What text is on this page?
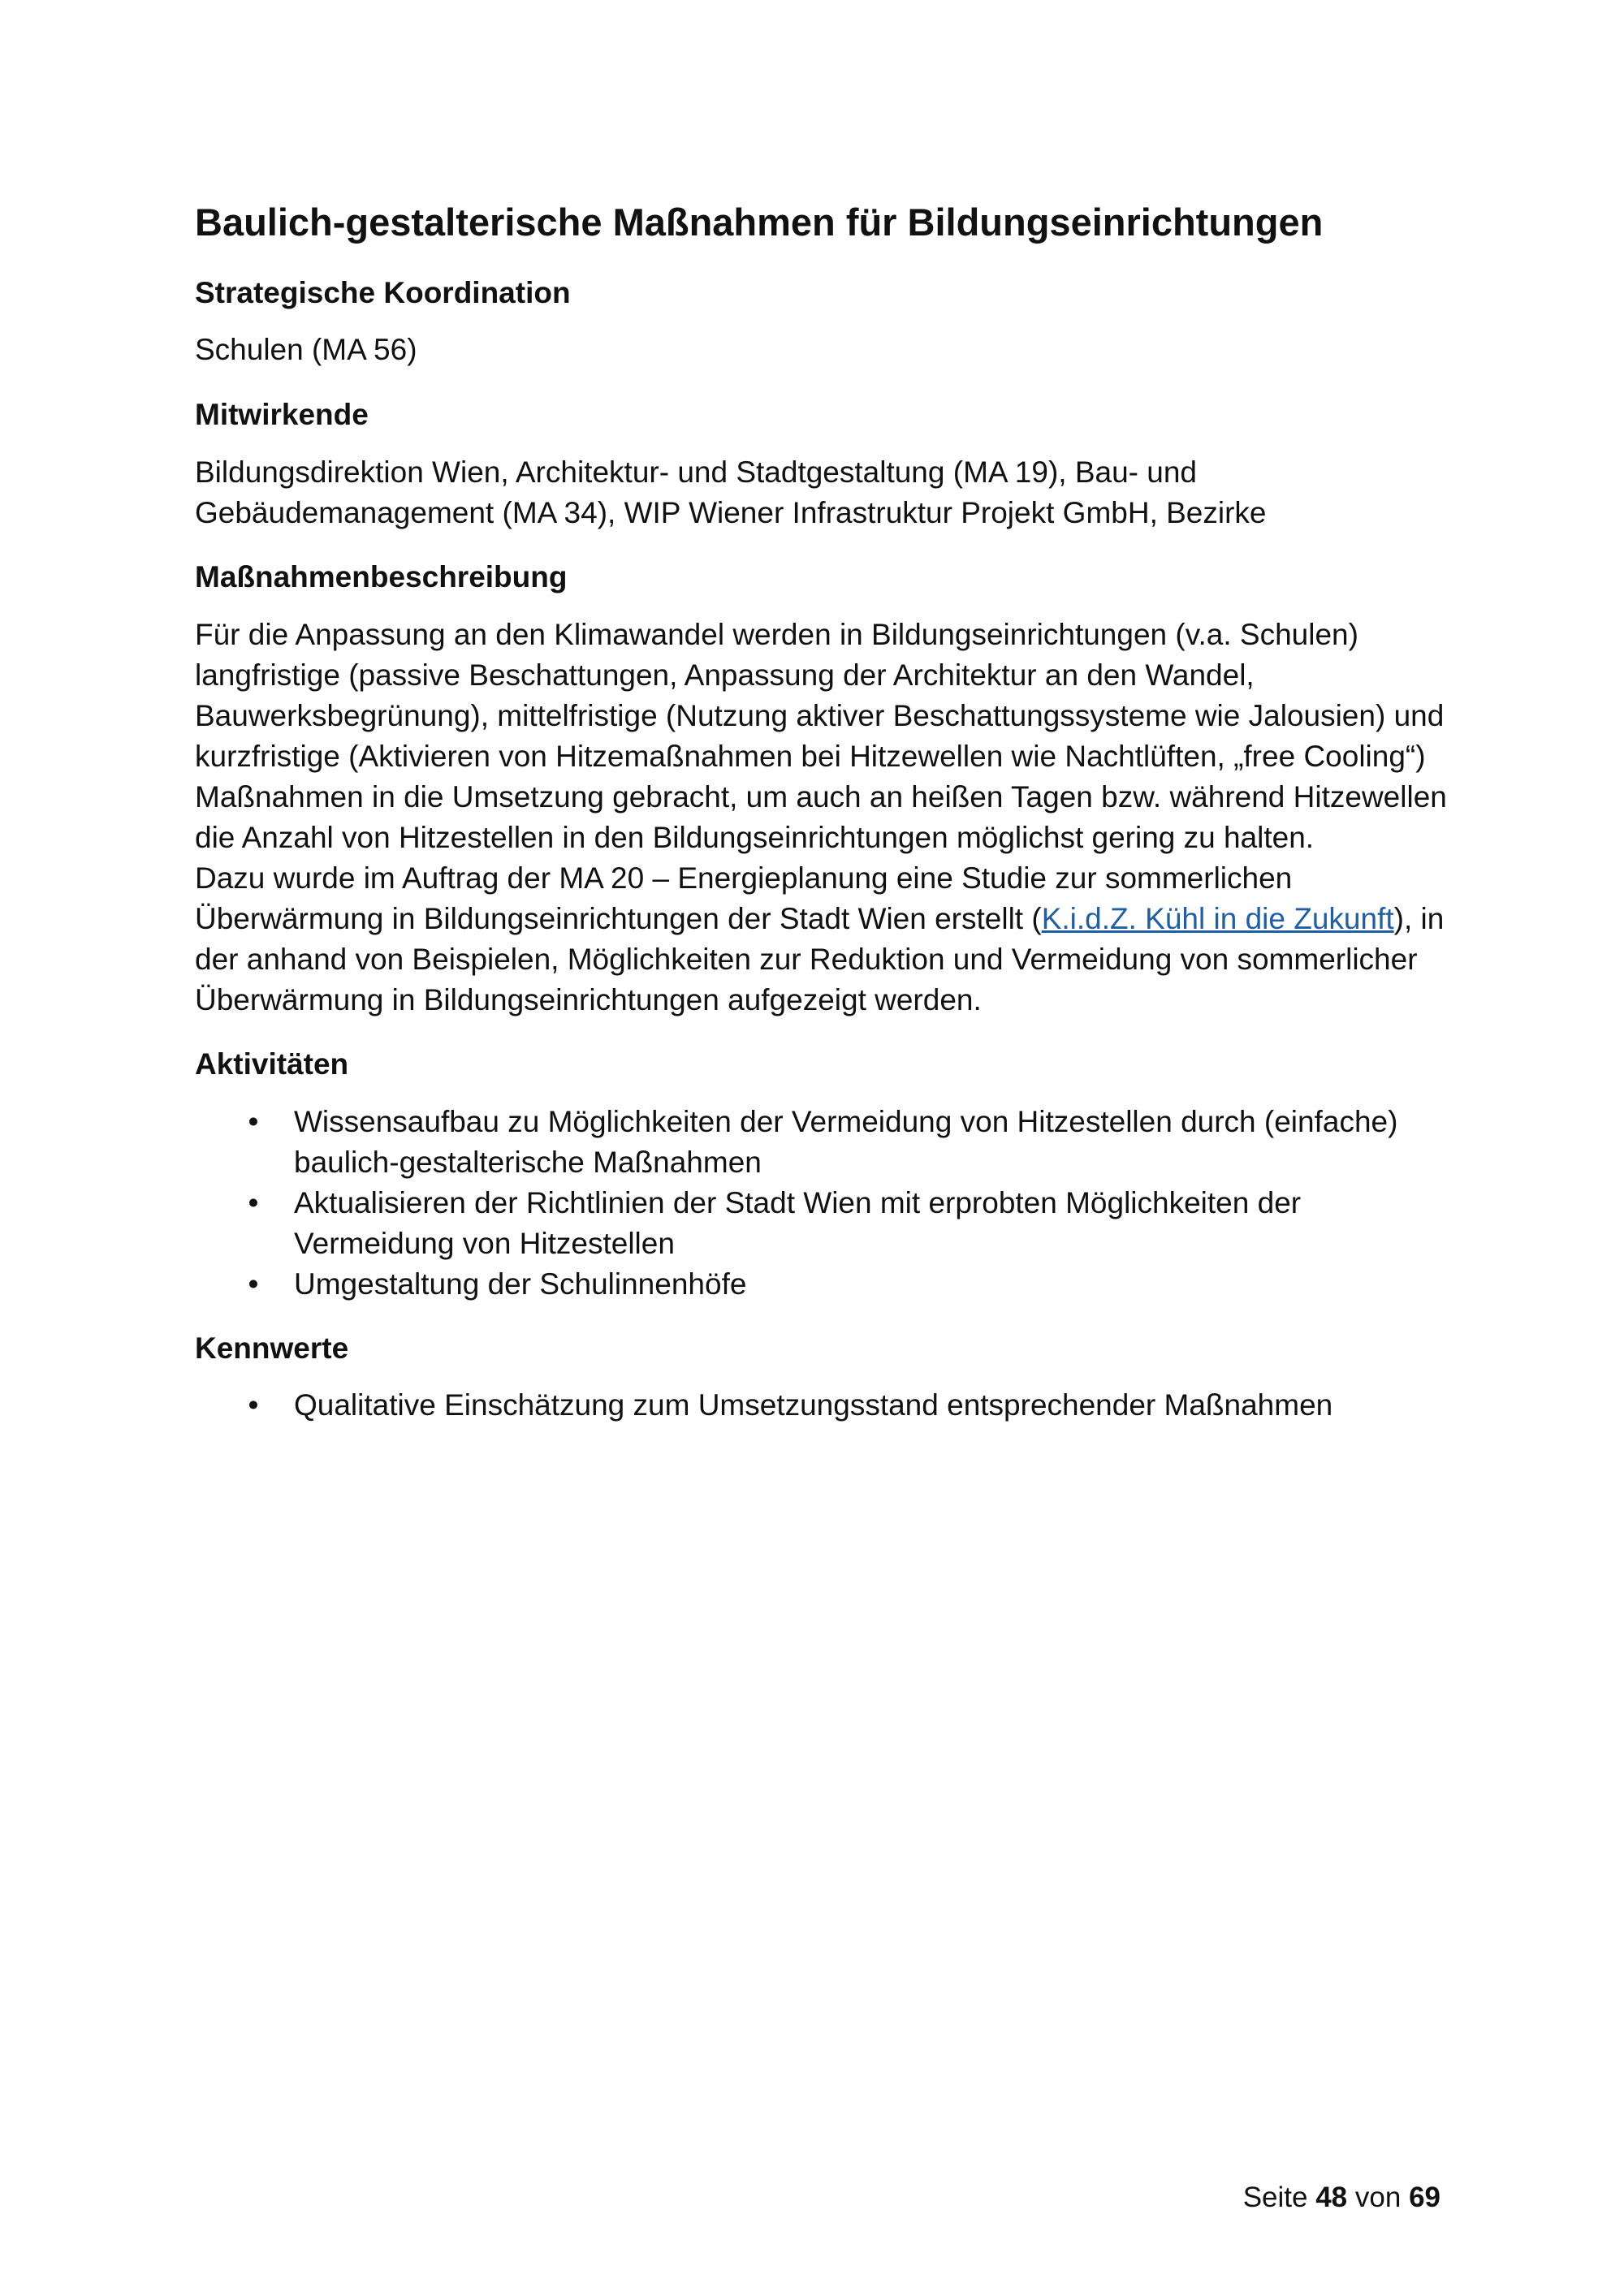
Baulich-gestalterische Maßnahmen für Bildungseinrichtungen
Strategische Koordination

Schulen (MA 56)

Mitwirkende

Bildungsdirektion Wien, Architektur- und Stadtgestaltung (MA 19), Bau- und
Gebäudemanagement (MA 34), WIP Wiener Infrastruktur Projekt GmbH, Bezirke

Maßnahmenbeschreibung

Für die Anpassung an den Klimawandel werden in Bildungseinrichtungen (v.a. Schulen)
langfristige (passive Beschattungen, Anpassung der Architektur an den Wandel,
Bauwerksbegrünung), mittelfristige (Nutzung aktiver Beschattungssysteme wie Jalousien) und
kurzfristige (Aktivieren von Hitzemaßnahmen bei Hitzewellen wie Nachtlüften, „free Cooling“)
Maßnahmen in die Umsetzung gebracht, um auch an heißen Tagen bzw. während Hitzewellen
die Anzahl von Hitzestellen in den Bildungseinrichtungen möglichst gering zu halten.
Dazu wurde im Auftrag der MA 20 – Energieplanung eine Studie zur sommerlichen
Überwärmung in Bildungseinrichtungen der Stadt Wien erstellt (K.i.d.Z. Kühl in die Zukunft), in
der anhand von Beispielen, Möglichkeiten zur Reduktion und Vermeidung von sommerlicher
Überwärmung in Bildungseinrichtungen aufgezeigt werden.

Aktivitäten
• Wissensaufbau zu Möglichkeiten der Vermeidung von Hitzestellen durch (einfache)
baulich-gestalterische Maßnahmen
• Aktualisieren der Richtlinien der Stadt Wien mit erprobten Möglichkeiten der
Vermeidung von Hitzestellen
• Umgestaltung der Schulinnenhöfe
Kennwerte
• Qualitative Einschätzung zum Umsetzungsstand entsprechender Maßnahmen
Seite 48 von 69
